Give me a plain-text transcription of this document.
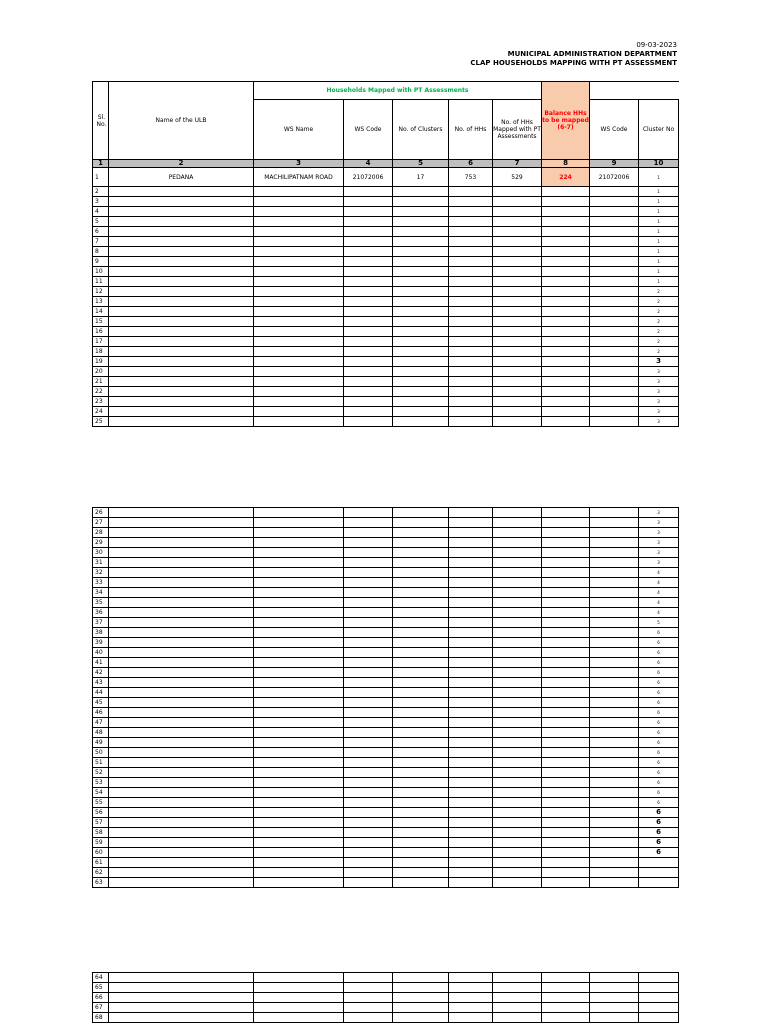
09-03-2023
MUNICIPAL ADMINISTRATION DEPARTMENT
CLAP HOUSEHOLDS MAPPING WITH PT ASSESSMENT
Sl. No.	Name of the ULB	Households Mapped with PT Assessments					Balance HHs to be mapped (6-7)		
		WS Name	WS Code	No. of Clusters	No. of HHs	No. of HHs Mapped with PT Assessments		WS Code	Cluster No
1	2	3	4	5	6	7	8	9	10
1	PEDANA	MACHILIPATNAM ROAD	21072006	17	753	529	224	21072006	1
2									1
3									1
4									1
5									1
6									1
7									1
8									1
9									1
10									1
11									1
12									2
13									2
14									2
15									2
16									2
17									2
18									2
19									3
20									3
21									3
22									3
23									3
24									3
25									3
26									3
27									3
28									3
29									3
30									3
31									3
32									4
33									4
34									4
35									4
36									4
37									5
38									6
39									6
40									6
41									6
42									6
43									6
44									6
45									6
46									6
47									6
48									6
49									6
50									6
51									6
52									6
53									6
54									6
55									6
56									6
57									6
58									6
59									6
60									6
61									
62									
63									
64									
65									
66									
67									
68									
